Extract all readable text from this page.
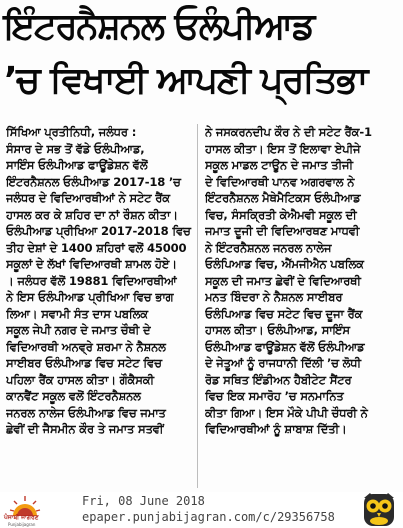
ਇੰਟਰਨੈਸ਼ਨਲ ਓਲੰਪੀਆਡ
’ਚ ਵਿਖਾਈ ਆਪਣੀ ਪ੍ਰਤਿਭਾ
ਸਿੱਖਿਆ ਪ੍ਰਤੀਨਿਧੀ, ਜਲੰਧਰ :
ਸੰਸਾਰ ਦੇ ਸਭ ਤੋਂ ਵੱਡੇ ਓਲੰਪੀਆਡ,
ਸਾਇੰਸ ਓਲੰਪੀਆਡ ਫਾਊਂਡੇਸ਼ਨ ਵੱਲੋਂ
ਇੰਟਰਨੈਸ਼ਨਲ ਓਲੰਪੀਆਡ 2017-18 ’ਚ
ਜਲੰਧਰ ਦੇ ਵਿਦਿਆਰਥੀਆਂ ਨੇ ਸਟੇਟ ਰੈਂਕ
ਹਾਸਲ ਕਰ ਕੇ ਸ਼ਹਿਰ ਦਾ ਨਾਂ ਰੌਸ਼ਨ ਕੀਤਾ।
ਓਲੰਪੀਆਡ ਪ੍ਰੀਖਿਆ 2017-2018 ਵਿਚ
ਤੀਹ ਦੇਸ਼ਾਂ ਦੇ 1400 ਸ਼ਹਿਰਾਂ ਵਲੋਂ 45000
ਸਕੂਲਾਂ ਦੇ ਲੱਖਾਂ ਵਿਦਿਆਰਥੀ ਸ਼ਾਮਲ ਹੋਏ।
। ਜਲੰਧਰ ਵੱਲੋਂ 19881 ਵਿਦਿਆਰਥੀਆਂ
ਨੇ ਇਸ ਓਲੰਪੀਆਡ ਪ੍ਰੀਖਿਆ ਵਿਚ ਭਾਗ
ਲਿਆ। ਸਵਾਮੀ ਸੰਤ ਦਾਸ ਪਬਲਿਕ
ਸਕੂਲ ਜੇਪੀ ਨਗਰ ਦੇ ਜਮਾਤ ਚੌਥੀ ਦੇ
ਵਿਦਿਆਰਥੀ ਅਨਵ੍ਰੇ ਸ਼ਰਮਾ ਨੇ ਨੈਸ਼ਨਲ
ਸਾਈਬਰ ਓਲੰਪੀਆਡ ਵਿਚ ਸਟੇਟ ਵਿਚ
ਪਹਿਲਾ ਰੈਂਕ ਹਾਸਲ ਕੀਤਾ। ਗੌਕੈਸਕੀ
ਕਾਨਵੈਂਟ ਸਕੂਲ ਵਲੋਂ ਇੰਟਰਨੈਸ਼ਨਲ
ਜਨਰਲ ਨਾਲੇਜ ਓਲੰਪੀਆਡ ਵਿਚ ਜਮਾਤ
ਛੇਵੀਂ ਦੀ ਜੈਸਮੀਨ ਕੌਰ ਤੇ ਜਮਾਤ ਸਤਵੀਂ
ਨੇ ਜਸਕਰਨਦੀਪ ਕੌਰ ਨੇ ਦੀ ਸਟੇਟ ਰੈਂਕ-1
ਹਾਸਲ ਕੀਤਾ। ਇਸ ਤੋਂ ਇਲਾਵਾ ਏਪੀਜੇ
ਸਕੂਲ ਮਾਡਲ ਟਾਊਨ ਦੇ ਜਮਾਤ ਤੀਜੀ
ਦੇ ਵਿਦਿਆਰਥੀ ਪਾਨਵ ਅਗਰਵਾਲ ਨੇ
ਇੰਟਰਨੈਸ਼ਨਲ ਮੈਥੇਮੈਟਿਕਸ ਓਲੰਪੀਆਡ
ਵਿਚ, ਸੰਸਕ੍ਰਿਤੀ ਕੇਐਮਵੀ ਸਕੂਲ ਦੀ
ਜਮਾਤ ਦੂਜੀ ਦੀ ਵਿਦਿਆਰਥਣ ਮਾਧਵੀ
ਨੇ ਇੰਟਰਨੈਸ਼ਨਲ ਜਨਰਲ ਨਾਲੇਜ
ਓਲੰਪਿਆਡ ਵਿਚ, ਐੱਮਜੀਐਨ ਪਬਲਿਕ
ਸਕੂਲ ਦੀ ਜਮਾਤ ਛੇਵੀਂ ਦੇ ਵਿਦਿਆਰਥੀ
ਮਨਤ ਬਿੰਦਰਾ ਨੇ ਨੈਸ਼ਨਲ ਸਾਈਬਰ
ਓਲੰਪਿਆਡ ਵਿਚ ਸਟੇਟ ਵਿਚ ਦੂਜਾ ਰੈਂਕ
ਹਾਸਲ ਕੀਤਾ। ਓਲੰਪੀਆਡ, ਸਾਇੰਸ
ਓਲੰਪੀਆਡ ਫਾਊਂਡੇਸ਼ਨ ਵੱਲੋਂ ਓਲੰਪੀਆਡ
ਦੇ ਜੇਤੂਆਂ ਨੂੰ ਰਾਜਧਾਨੀ ਦਿੱਲੀ ’ਚ ਲੋਧੀ
ਰੋਡ ਸਥਿਤ ਇੰਡੀਅਨ ਹੈਬੀਟੇਟ ਸੈਂਟਰ
ਵਿਚ ਇਕ ਸਮਾਰੋਹ ’ਚ ਸਨਮਾਨਿਤ
ਕੀਤਾ ਗਿਆ। ਇਸ ਮੌਕੇ ਪੀਪੀ ਚੌਧਰੀ ਨੇ
ਵਿਦਿਆਰਥੀਆਂ ਨੂੰ ਸ਼ਾਬਾਸ਼ ਦਿੱਤੀ।
ਪੰਜਾਬੀ ਜਾਗਰਣ
Punjabijagran
Fri, 08 June 2018
epaper.punjabijagran.com/c/29356758
